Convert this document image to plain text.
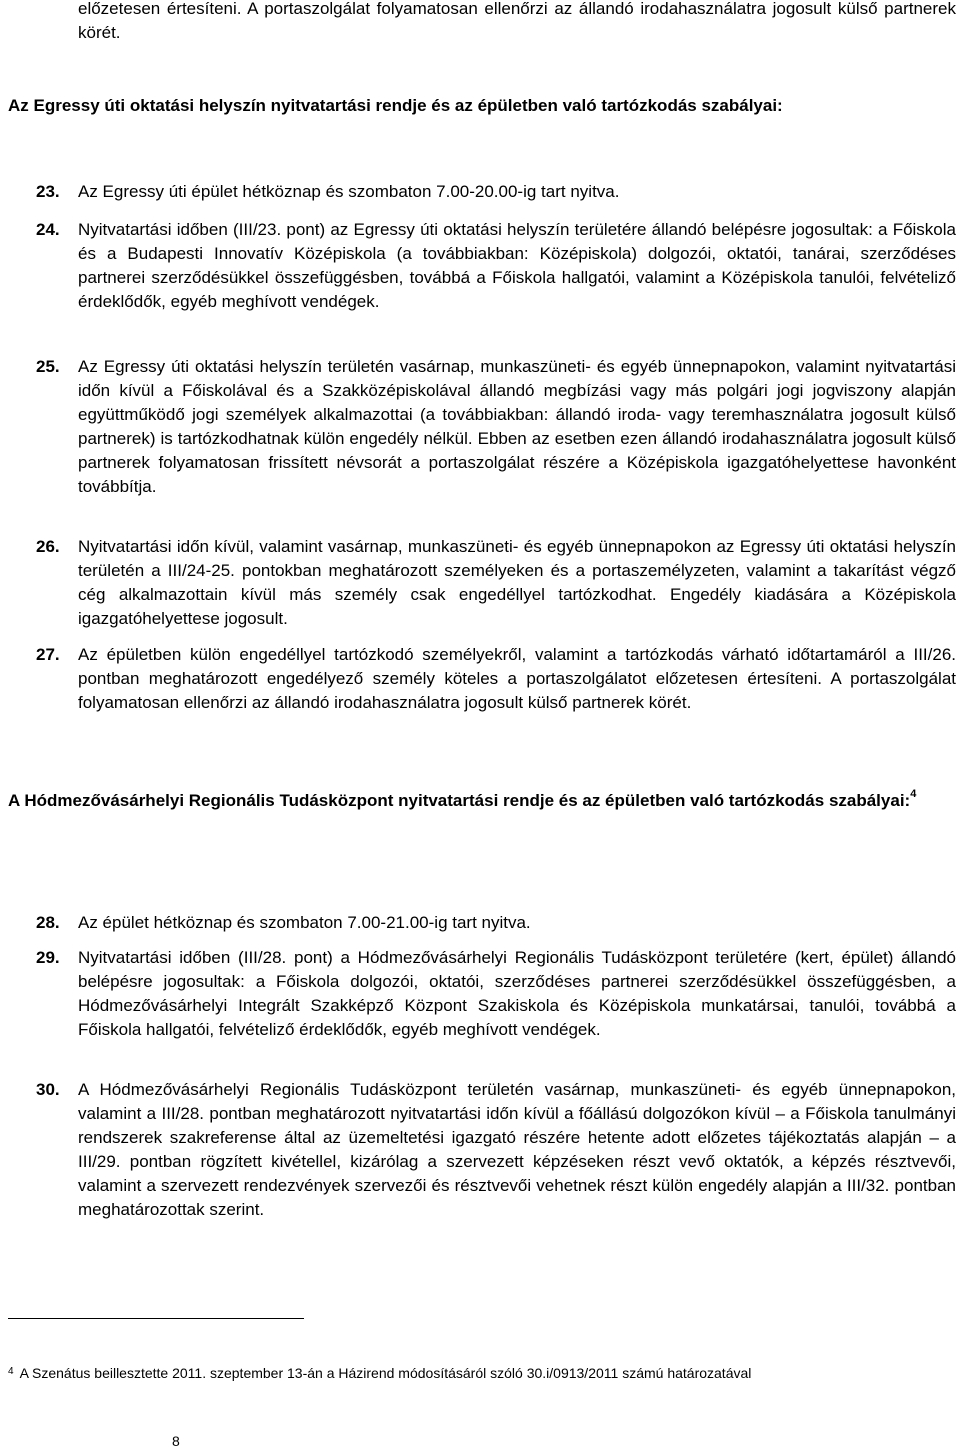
előzetesen értesíteni. A portaszolgálat folyamatosan ellenőrzi az állandó irodahasználatra jogosult külső partnerek körét.

Az Egressy úti oktatási helyszín nyitvatartási rendje és az épületben való tartózkodás szabályai:

23.	Az Egressy úti épület hétköznap és szombaton 7.00-20.00-ig tart nyitva.
24.	Nyitvatartási időben (III/23. pont) az Egressy úti oktatási helyszín területére állandó belépésre jogosultak: a Főiskola és a Budapesti Innovatív Középiskola (a továbbiakban: Középiskola) dolgozói, oktatói, tanárai, szerződéses partnerei szerződésükkel összefüggésben, továbbá a Főiskola hallgatói, valamint a Középiskola tanulói, felvételiző érdeklődők, egyéb meghívott vendégek.
25.	Az Egressy úti oktatási helyszín területén vasárnap, munkaszüneti- és egyéb ünnepnapokon, valamint nyitvatartási időn kívül a Főiskolával és a Szakközépiskolával állandó megbízási vagy más polgári jogi jogviszony alapján együttműködő jogi személyek alkalmazottai (a továbbiakban: állandó iroda- vagy teremhasználatra jogosult külső partnerek) is tartózkodhatnak külön engedély nélkül. Ebben az esetben ezen állandó irodahasználatra jogosult külső partnerek folyamatosan frissített névsorát a portaszolgálat részére a Középiskola igazgatóhelyettese havonként továbbítja.
26.	Nyitvatartási időn kívül, valamint vasárnap, munkaszüneti- és egyéb ünnepnapokon az Egressy úti oktatási helyszín területén a III/24-25. pontokban meghatározott személyeken és a portaszemélyzeten, valamint a takarítást végző cég alkalmazottain kívül más személy csak engedéllyel tartózkodhat. Engedély kiadására a Középiskola igazgatóhelyettese jogosult.
27.	Az épületben külön engedéllyel tartózkodó személyekről, valamint a tartózkodás várható időtartamáról a III/26. pontban meghatározott engedélyező személy köteles a portaszolgálatot előzetesen értesíteni. A portaszolgálat folyamatosan ellenőrzi az állandó irodahasználatra jogosult külső partnerek körét.

A Hódmezővásárhelyi Regionális Tudásközpont nyitvatartási rendje és az épületben való tartózkodás szabályai:$^4$

28.	Az épület hétköznap és szombaton 7.00-21.00-ig tart nyitva.
29.	Nyitvatartási időben (III/28. pont) a Hódmezővásárhelyi Regionális Tudásközpont területére (kert, épület) állandó belépésre jogosultak: a Főiskola dolgozói, oktatói, szerződéses partnerei szerződésükkel összefüggésben, a Hódmezővásárhelyi Integrált Szakképző Központ Szakiskola és Középiskola munkatársai, tanulói, továbbá a Főiskola hallgatói, felvételiző érdeklődők, egyéb meghívott vendégek.
30.	A Hódmezővásárhelyi Regionális Tudásközpont területén vasárnap, munkaszüneti- és egyéb ünnepnapokon, valamint a III/28. pontban meghatározott nyitvatartási időn kívül a főállású dolgozókon kívül – a Főiskola tanulmányi rendszerek szakreferense által az üzemeltetési igazgató részére hetente adott előzetes tájékoztatás alapján – a III/29. pontban rögzített kivétellel, kizárólag a szervezett képzéseken részt vevő oktatók, a képzés résztvevői, valamint a szervezett rendezvények szervezői és résztvevői vehetnek részt külön engedély alapján a III/32. pontban meghatározottak szerint.
$^4$ A Szenátus beillesztette 2011. szeptember 13-án a Házirend módosításáról szóló 30.i/0913/2011 számú határozatával
8
